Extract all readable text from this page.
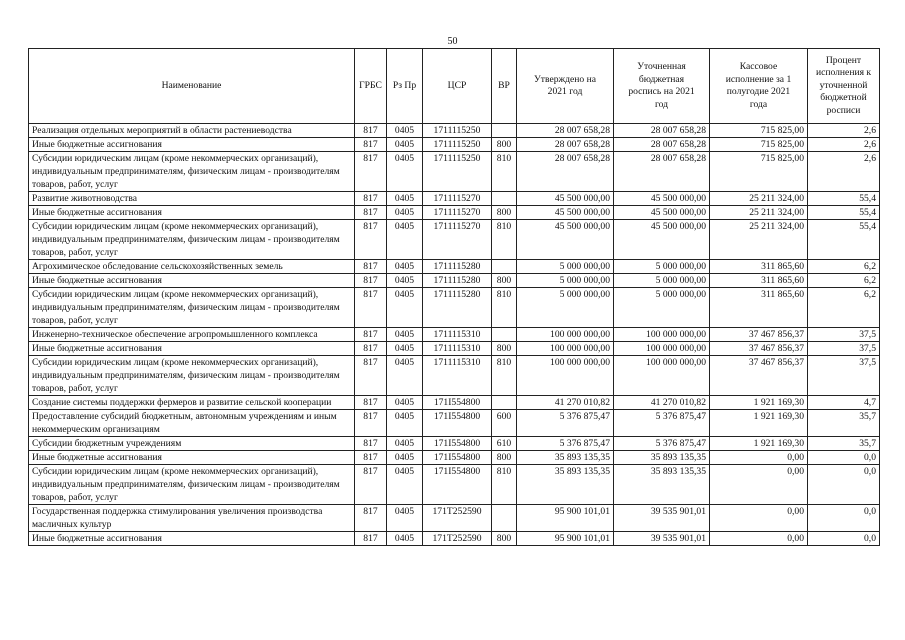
50
Наименование	ГРБС	Рз Пр	ЦСР	ВР	Утверждено на 2021 год	Уточненная бюджетная роспись на 2021 год	Кассовое исполнение за 1 полугодие 2021 года	Процент исполнения к уточненной бюджетной росписи
Реализация отдельных мероприятий в области растениеводства	817	0405	1711115250		28 007 658,28	28 007 658,28	715 825,00	2,6
Иные бюджетные ассигнования	817	0405	1711115250	800	28 007 658,28	28 007 658,28	715 825,00	2,6
Субсидии юридическим лицам (кроме некоммерческих организаций), индивидуальным предпринимателям, физическим лицам - производителям товаров, работ, услуг	817	0405	1711115250	810	28 007 658,28	28 007 658,28	715 825,00	2,6
Развитие животноводства	817	0405	1711115270		45 500 000,00	45 500 000,00	25 211 324,00	55,4
Иные бюджетные ассигнования	817	0405	1711115270	800	45 500 000,00	45 500 000,00	25 211 324,00	55,4
Субсидии юридическим лицам (кроме некоммерческих организаций), индивидуальным предпринимателям, физическим лицам - производителям товаров, работ, услуг	817	0405	1711115270	810	45 500 000,00	45 500 000,00	25 211 324,00	55,4
Агрохимическое обследование сельскохозяйственных земель	817	0405	1711115280		5 000 000,00	5 000 000,00	311 865,60	6,2
Иные бюджетные ассигнования	817	0405	1711115280	800	5 000 000,00	5 000 000,00	311 865,60	6,2
Субсидии юридическим лицам (кроме некоммерческих организаций), индивидуальным предпринимателям, физическим лицам - производителям товаров, работ, услуг	817	0405	1711115280	810	5 000 000,00	5 000 000,00	311 865,60	6,2
Инженерно-техническое обеспечение агропромышленного комплекса	817	0405	1711115310		100 000 000,00	100 000 000,00	37 467 856,37	37,5
Иные бюджетные ассигнования	817	0405	1711115310	800	100 000 000,00	100 000 000,00	37 467 856,37	37,5
Субсидии юридическим лицам (кроме некоммерческих организаций), индивидуальным предпринимателям, физическим лицам - производителям товаров, работ, услуг	817	0405	1711115310	810	100 000 000,00	100 000 000,00	37 467 856,37	37,5
Создание системы поддержки фермеров и развитие сельской кооперации	817	0405	171I554800		41 270 010,82	41 270 010,82	1 921 169,30	4,7
Предоставление субсидий бюджетным, автономным учреждениям и иным некоммерческим организациям	817	0405	171I554800	600	5 376 875,47	5 376 875,47	1 921 169,30	35,7
Субсидии бюджетным учреждениям	817	0405	171I554800	610	5 376 875,47	5 376 875,47	1 921 169,30	35,7
Иные бюджетные ассигнования	817	0405	171I554800	800	35 893 135,35	35 893 135,35	0,00	0,0
Субсидии юридическим лицам (кроме некоммерческих организаций), индивидуальным предпринимателям, физическим лицам - производителям товаров, работ, услуг	817	0405	171I554800	810	35 893 135,35	35 893 135,35	0,00	0,0
Государственная поддержка стимулирования увеличения производства масличных культур	817	0405	171T252590		95 900 101,01	39 535 901,01	0,00	0,0
Иные бюджетные ассигнования	817	0405	171T252590	800	95 900 101,01	39 535 901,01	0,00	0,0
